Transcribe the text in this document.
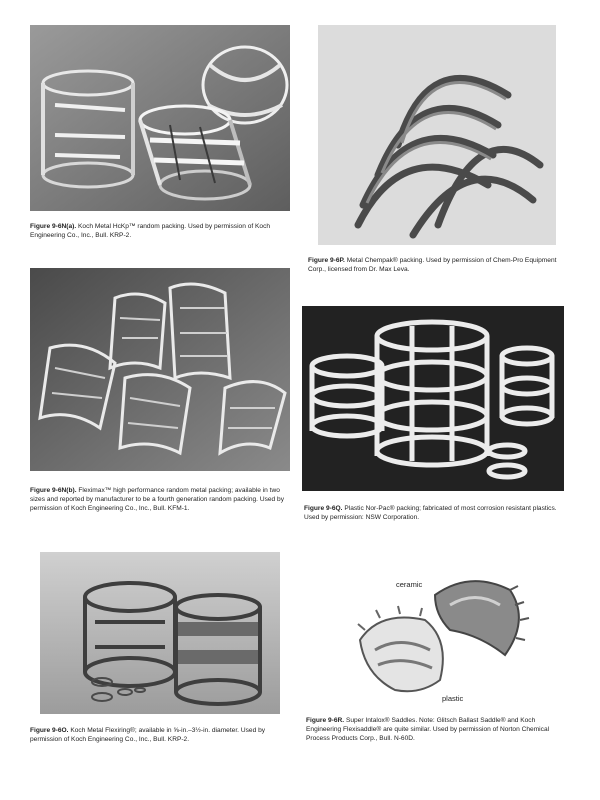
Figure 9-6N(a). Koch Metal HcKp™ random packing. Used by permission of Koch Engineering Co., Inc., Bull. KRP-2.
Figure 9-6P. Metal Chempak® packing. Used by permission of Chem-Pro Equipment Corp., licensed from Dr. Max Leva.
Figure 9-6N(b). Fleximax™ high performance random metal packing; available in two sizes and reported by manufacturer to be a fourth generation random packing. Used by permission of Koch Engineering Co., Inc., Bull. KFM-1.	Figure 9-6Q. Plastic Nor-Pac® packing; fabricated of most corrosion resistant plastics. Used by permission: NSW Corporation.
Figure 9-6O. Koch Metal Flexiring®; available in ⅝-in.–3½-in. diameter. Used by permission of Koch Engineering Co., Inc., Bull. KRP-2.
ceramic
plastic
Figure 9-6R. Super Intalox® Saddles. Note: Glitsch Ballast Saddle® and Koch Engineering Flexisaddle® are quite similar. Used by permission of Norton Chemical Process Products Corp., Bull. N-60D.
